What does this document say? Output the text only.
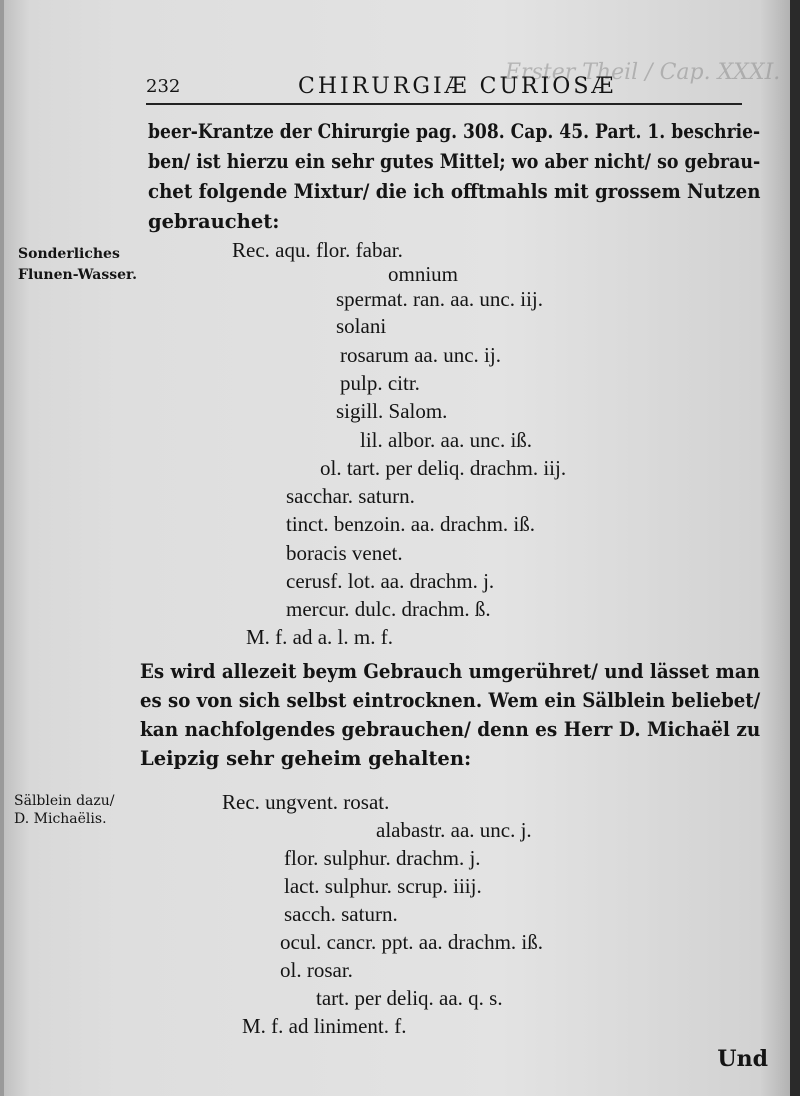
Erster Theil / Cap. XXXI.
232	CHIRURGIÆ CURIOSÆ
beer-Krantze der Chirurgie pag. 308. Cap. 45. Part. 1. beschrie-
ben/ ist hierzu ein sehr gutes Mittel; wo aber nicht/ so gebrau-
chet folgende Mixtur/ die ich offtmahls mit grossem Nutzen
gebrauchet:
Sonderliches
Flunen-Wasser.
Rec. aqu. flor. fabar.
omnium
spermat. ran. aa. unc. iij.
solani
rosarum aa. unc. ij.
pulp. citr.
sigill. Salom.
lil. albor. aa. unc. iß.
ol. tart. per deliq. drachm. iij.
sacchar. saturn.
tinct. benzoin. aa. drachm. iß.
boracis venet.
cerusf. lot. aa. drachm. j.
mercur. dulc. drachm. ß.
M. f. ad a. l. m. f.
Es wird allezeit beym Gebrauch umgerühret/ und lässet man
es so von sich selbst eintrocknen. Wem ein Sälblein beliebet/
kan nachfolgendes gebrauchen/ denn es Herr D. Michaël zu
Leipzig sehr geheim gehalten:
Sälblein dazu/
D. Michaëlis.
Rec. ungvent. rosat.
alabastr. aa. unc. j.
flor. sulphur. drachm. j.
lact. sulphur. scrup. iiij.
sacch. saturn.
ocul. cancr. ppt. aa. drachm. iß.
ol. rosar.
tart. per deliq. aa. q. s.
M. f. ad liniment. f.
Und
